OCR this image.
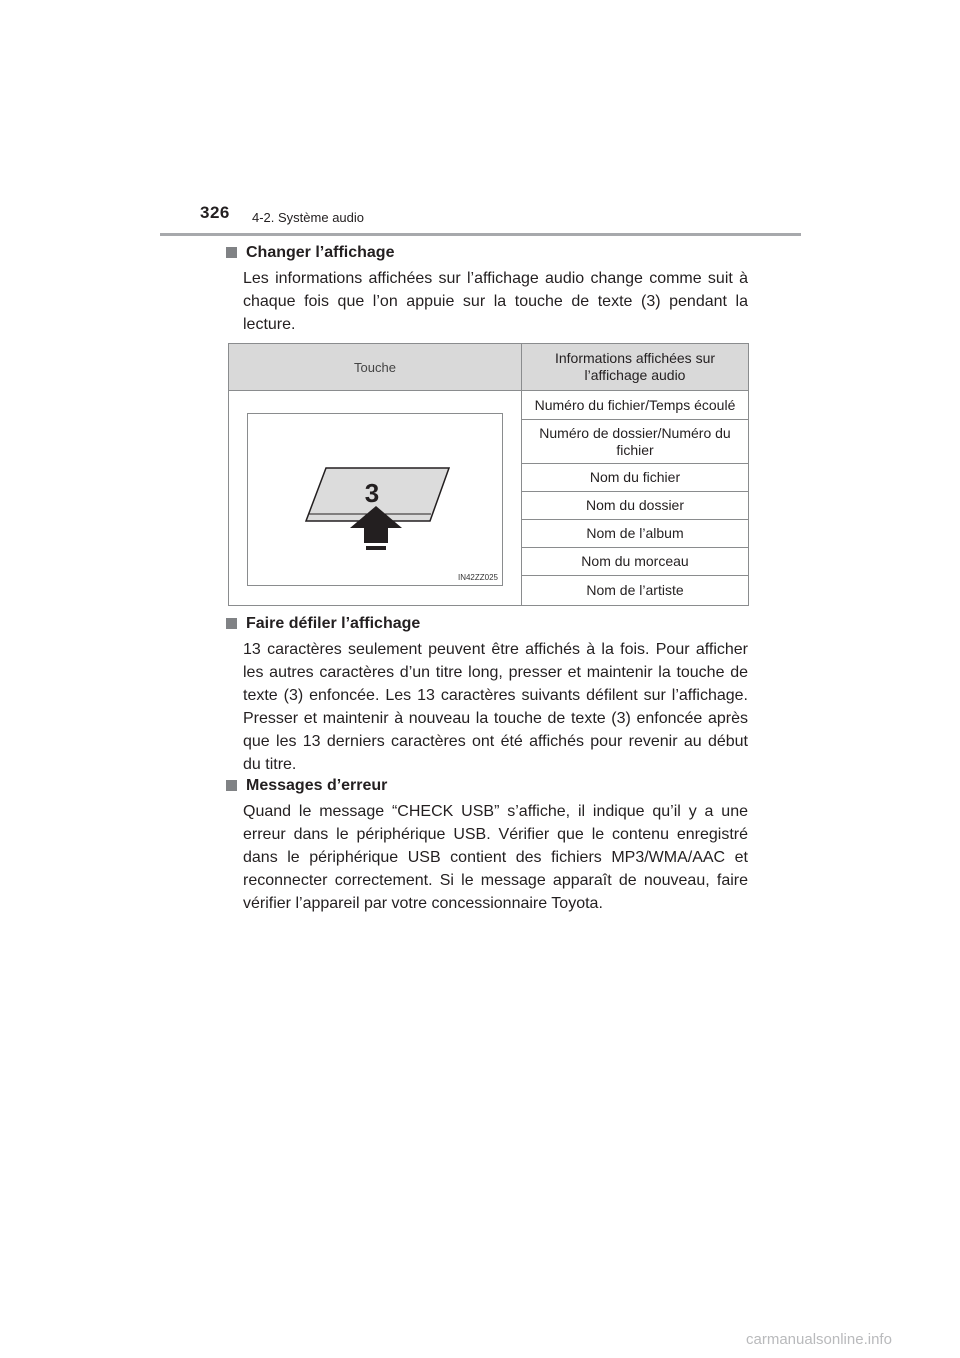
326 4-2. Système audio
Changer l’affichage
Les informations affichées sur l’affichage audio change comme suit à chaque fois que l’on appuie sur la touche de texte (3) pendant la lecture.
Touche
Informations affichées sur l’affichage audio
3
IN42ZZ025
Numéro du fichier/Temps écoulé
Numéro de dossier/Numéro du fichier
Nom du fichier
Nom du dossier
Nom de l’album
Nom du morceau
Nom de l’artiste
Faire défiler l’affichage
13 caractères seulement peuvent être affichés à la fois. Pour afficher les autres caractères d’un titre long, presser et maintenir la touche de texte (3) enfoncée. Les 13 caractères suivants défilent sur l’affichage. Presser et maintenir à nouveau la touche de texte (3) enfoncée après que les 13 derniers caractères ont été affichés pour revenir au début du titre.
Messages d’erreur
Quand le message “CHECK USB” s’affiche, il indique qu’il y a une erreur dans le périphérique USB. Vérifier que le contenu enregistré dans le périphérique USB contient des fichiers MP3/WMA/AAC et reconnecter correctement. Si le message apparaît de nouveau, faire vérifier l’appareil par votre concessionnaire Toyota.
carmanualsonline.info
